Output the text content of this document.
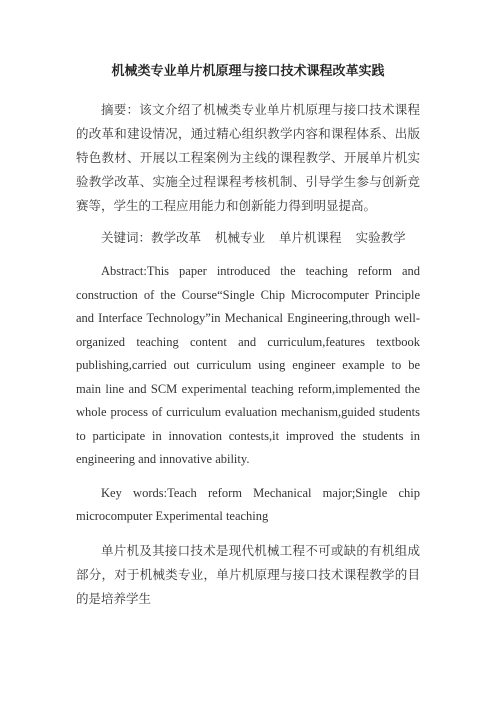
机械类专业单片机原理与接口技术课程改革实践

摘要：该文介绍了机械类专业单片机原理与接口技术课程的改革和建设情况，通过精心组织教学内容和课程体系、出版特色教材、开展以工程案例为主线的课程教学、开展单片机实验教学改革、实施全过程课程考核机制、引导学生参与创新竞赛等，学生的工程应用能力和创新能力得到明显提高。

关键词：教学改革 机械专业 单片机课程 实验教学

Abstract:This paper introduced the teaching reform and construction of the Course“Single Chip Microcomputer Principle and Interface Technology”in Mechanical Engineering,through well-organized teaching content and curriculum,features textbook publishing,carried out curriculum using engineer example to be main line and SCM experimental teaching reform,implemented the whole process of curriculum evaluation mechanism,guided students to participate in innovation contests,it improved the students in engineering and innovative ability.

Key words:Teach reform Mechanical major;Single chip microcomputer Experimental teaching

单片机及其接口技术是现代机械工程不可或缺的有机组成部分，对于机械类专业，单片机原理与接口技术课程教学的目的是培养学生
